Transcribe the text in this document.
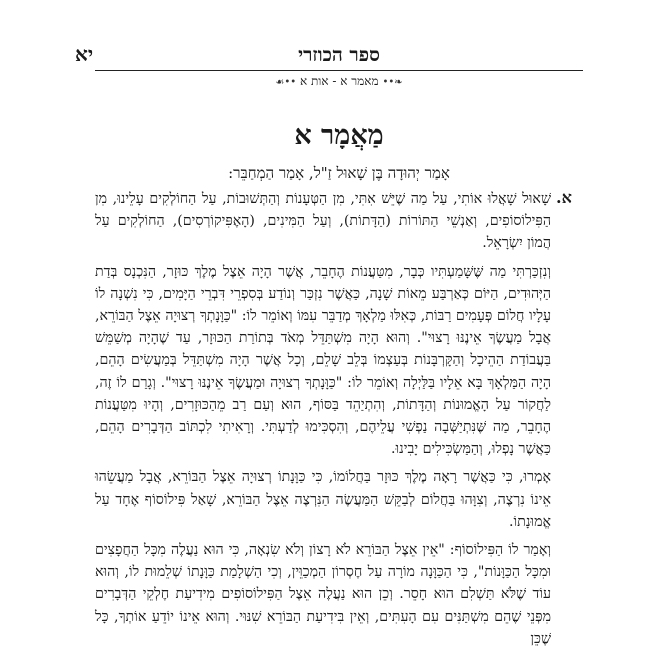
ספר הכוזרי
יא
❧•• מאמר א - אות א ••☙
מַאֲמָר א
אָמַר יְהוּדָה בֶּן שָׁאוּל זַ"ל, אָמַר הַמְחַבֵּר:
א.

שָׁאוּל שָׁאֲלוּ אוֹתִי, עַל מַה שֶׁיֵּשׁ אִתִּי, מִן הַטְּעָנוֹת וְהַתְּשׁוּבוֹת, עַל הַחוֹלְקִים עָלֵינוּ, מִן הַפִּילוֹסוֹפִים, וְאַנְשֵׁי הַתּוֹרוֹת (הַדָּתוֹת), וְעַל הַמִּינִים, (הָאֶפִּיקוֹרְסִים), הַחוֹלְקִים עַל הֲמוֹן יִשְׂרָאֵל.

וְנִזְכַּרְתִּי מַה שֶּׁשָּׁמַעְתִּיו כְּבָר, מִטַּעֲנוֹת הֶחָבֵר, אֲשֶׁר הָיָה אֵצֶל מֶלֶךְ כּוּזָר, הַנִּכְנָס בְּדַת הַיְּהוּדִים, הַיּוֹם כְּאַרְבַּע מֵאוֹת שָׁנָה, כַּאֲשֶׁר נִזְכַּר וְנוֹדַע בְּסִפְרֵי דִּבְרֵי הַיָּמִים, כִּי נִשְׁנָה לוֹ עָלָיו חֲלוֹם פְּעָמִים רַבּוֹת, כְּאִלּוּ מַלְאָךְ מְדַבֵּר עִמּוֹ וְאוֹמֵר לוֹ: "כַּוָּנָתְךָ רְצוּיָה אֵצֶל הַבּוֹרֵא, אֲבָל מַעֲשֶׂךָ אֵינֶנּוּ רָצוּי". וְהוּא הָיָה מִשְׁתַּדֵּל מְאֹד בְּתוֹרַת הַכּוּזָר, עַד שֶׁהָיָה מְשַׁמֵּשׁ בַּעֲבוֹדַת הַהֵיכָל וְהַקָּרְבָּנוֹת בְּעַצְמוֹ בְּלֵב שָׁלֵם, וְכָל אֲשֶׁר הָיָה מִשְׁתַּדֵּל בְּמַעֲשִׂים הָהֵם, הָיָה הַמַּלְאָךְ בָּא אֵלָיו בַּלַּיְלָה וְאוֹמֵר לוֹ: "כַּוָּנָתְךָ רְצוּיָה וּמַעֲשֶׂךָ אֵינֶנּוּ רָצוּי". וְגָרַם לוֹ זֶה, לַחֲקוֹר עַל הָאֱמוּנוֹת וְהַדָּתוֹת, וְהִתְיַהֵד בַּסּוֹף, הוּא וְעַם רַב מֵהַכּוּזָרִים, וְהָיוּ מִטַּעֲנוֹת הֶחָבֵר, מַה שֶּׁנִּתְיַשְּׁבָה נַפְשִׁי עֲלֵיהֶם, וְהִסְכִּימוּ לְדַעְתִּי. וְרָאִיתִי לִכְתּוֹב הַדְּבָרִים הָהֵם, כַּאֲשֶׁר נָפְלוּ, וְהַמַּשְׂכִּילִים יָבִינוּ.

אָמְרוּ, כִּי כַּאֲשֶׁר רָאָה מֶלֶךְ כּוּזָר בַּחֲלוֹמוֹ, כִּי כַּוָּנָתוֹ רְצוּיָה אֵצֶל הַבּוֹרֵא, אֲבָל מַעֲשֵׂהוּ אֵינוֹ נִרְצֶה, וְצִוָּהוּ בַּחֲלוֹם לְבַקֵּשׁ הַמַּעֲשֶׂה הַנִּרְצֶה אֵצֶל הַבּוֹרֵא, שָׁאַל פִּילוֹסוֹף אֶחָד עַל אֱמוּנָתוֹ.

וְאָמַר לוֹ הַפִּילוֹסוֹף: "אֵין אֵצֶל הַבּוֹרֵא לֹא רָצוֹן וְלֹא שִׂנְאָה, כִּי הוּא נַעֲלֶה מִכָּל הַחֲפָצִים וּמִכָּל הַכַּוָּנוֹת", כִּי הַכַּוָּנָה מוֹרָה עַל חֶסְרוֹן הַמְכַוֵּין, וְכִי הַשְׁלָמַת כַּוָּנָתוֹ שְׁלֵמוּת לוֹ, וְהוּא עוֹד שֶׁלֹּא תַּשְׁלִם הוּא חָסֵר. וְכֵן הוּא נַעֲלֶה אֵצֶל הַפִּילוֹסוֹפִים מִידִיעַת חֶלְקֵי הַדְּבָרִים מִפְּנֵי שֶׁהֵם מִשְׁתַּנִּים עִם הָעִתִּים, וְאֵין בִּידִיעַת הַבּוֹרֵא שִׁנּוּי. וְהוּא אֵינוֹ יוֹדֵעַ אוֹתְךָ, כָּל שֶׁכֵּן
